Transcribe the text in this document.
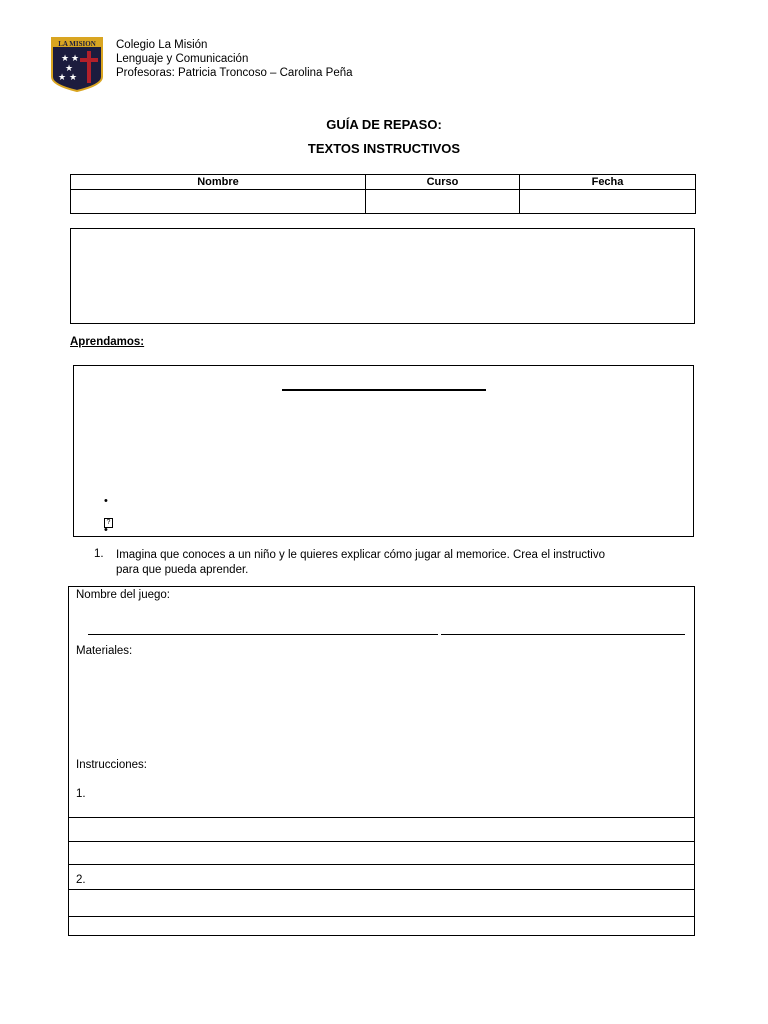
LA MISION
★ ★
★
★ ★
Colegio La Misión
Lenguaje y Comunicación
Profesoras: Patricia Troncoso – Carolina Peña
GUÍA DE REPASO:
TEXTOS INSTRUCTIVOS
Nombre	Curso	Fecha

Aprendamos:
•
?
•
1. Imagina que conoces a un niño y le quieres explicar cómo jugar al memorice. Crea el instructivo
para que pueda aprender.
Nombre del juego:
Materiales:
Instrucciones:
1.
2.
